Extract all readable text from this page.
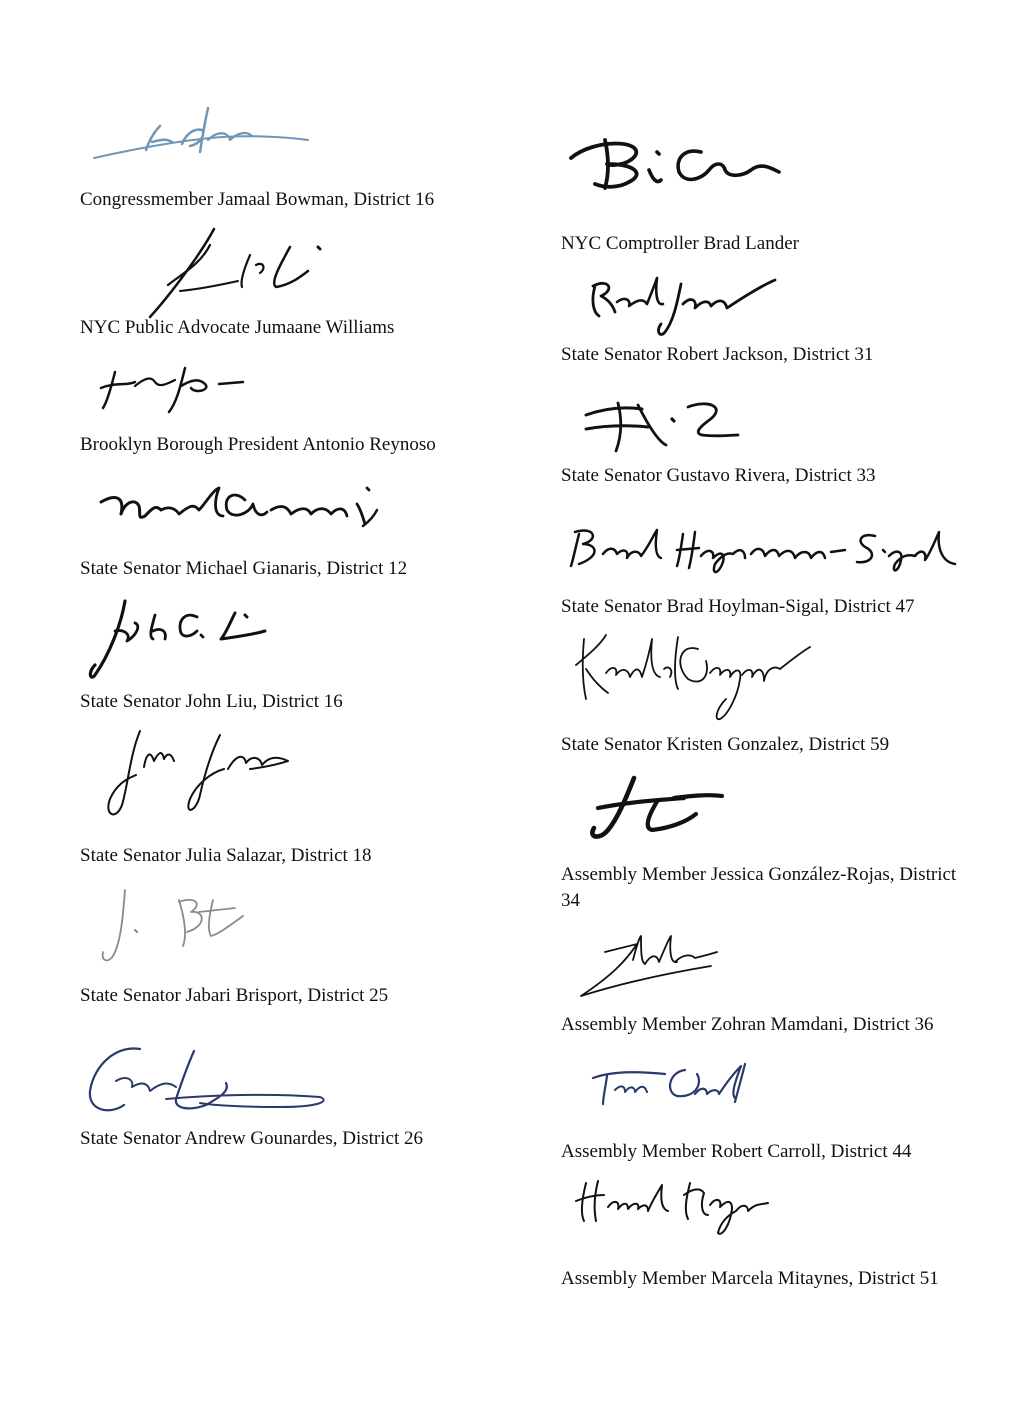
Congressmember Jamaal Bowman, District 16
NYC Public Advocate Jumaane Williams
Brooklyn Borough President Antonio Reynoso
State Senator Michael Gianaris, District 12
State Senator John Liu, District 16
State Senator Julia Salazar, District 18
State Senator Jabari Brisport, District 25
State Senator Andrew Gounardes, District 26
NYC Comptroller Brad Lander
State Senator Robert Jackson, District 31
State Senator Gustavo Rivera, District 33
State Senator Brad Hoylman-Sigal, District 47
State Senator Kristen Gonzalez, District 59
Assembly Member Jessica González-Rojas, District 34
Assembly Member Zohran Mamdani, District 36
Assembly Member Robert Carroll, District 44
Assembly Member Marcela Mitaynes, District 51
